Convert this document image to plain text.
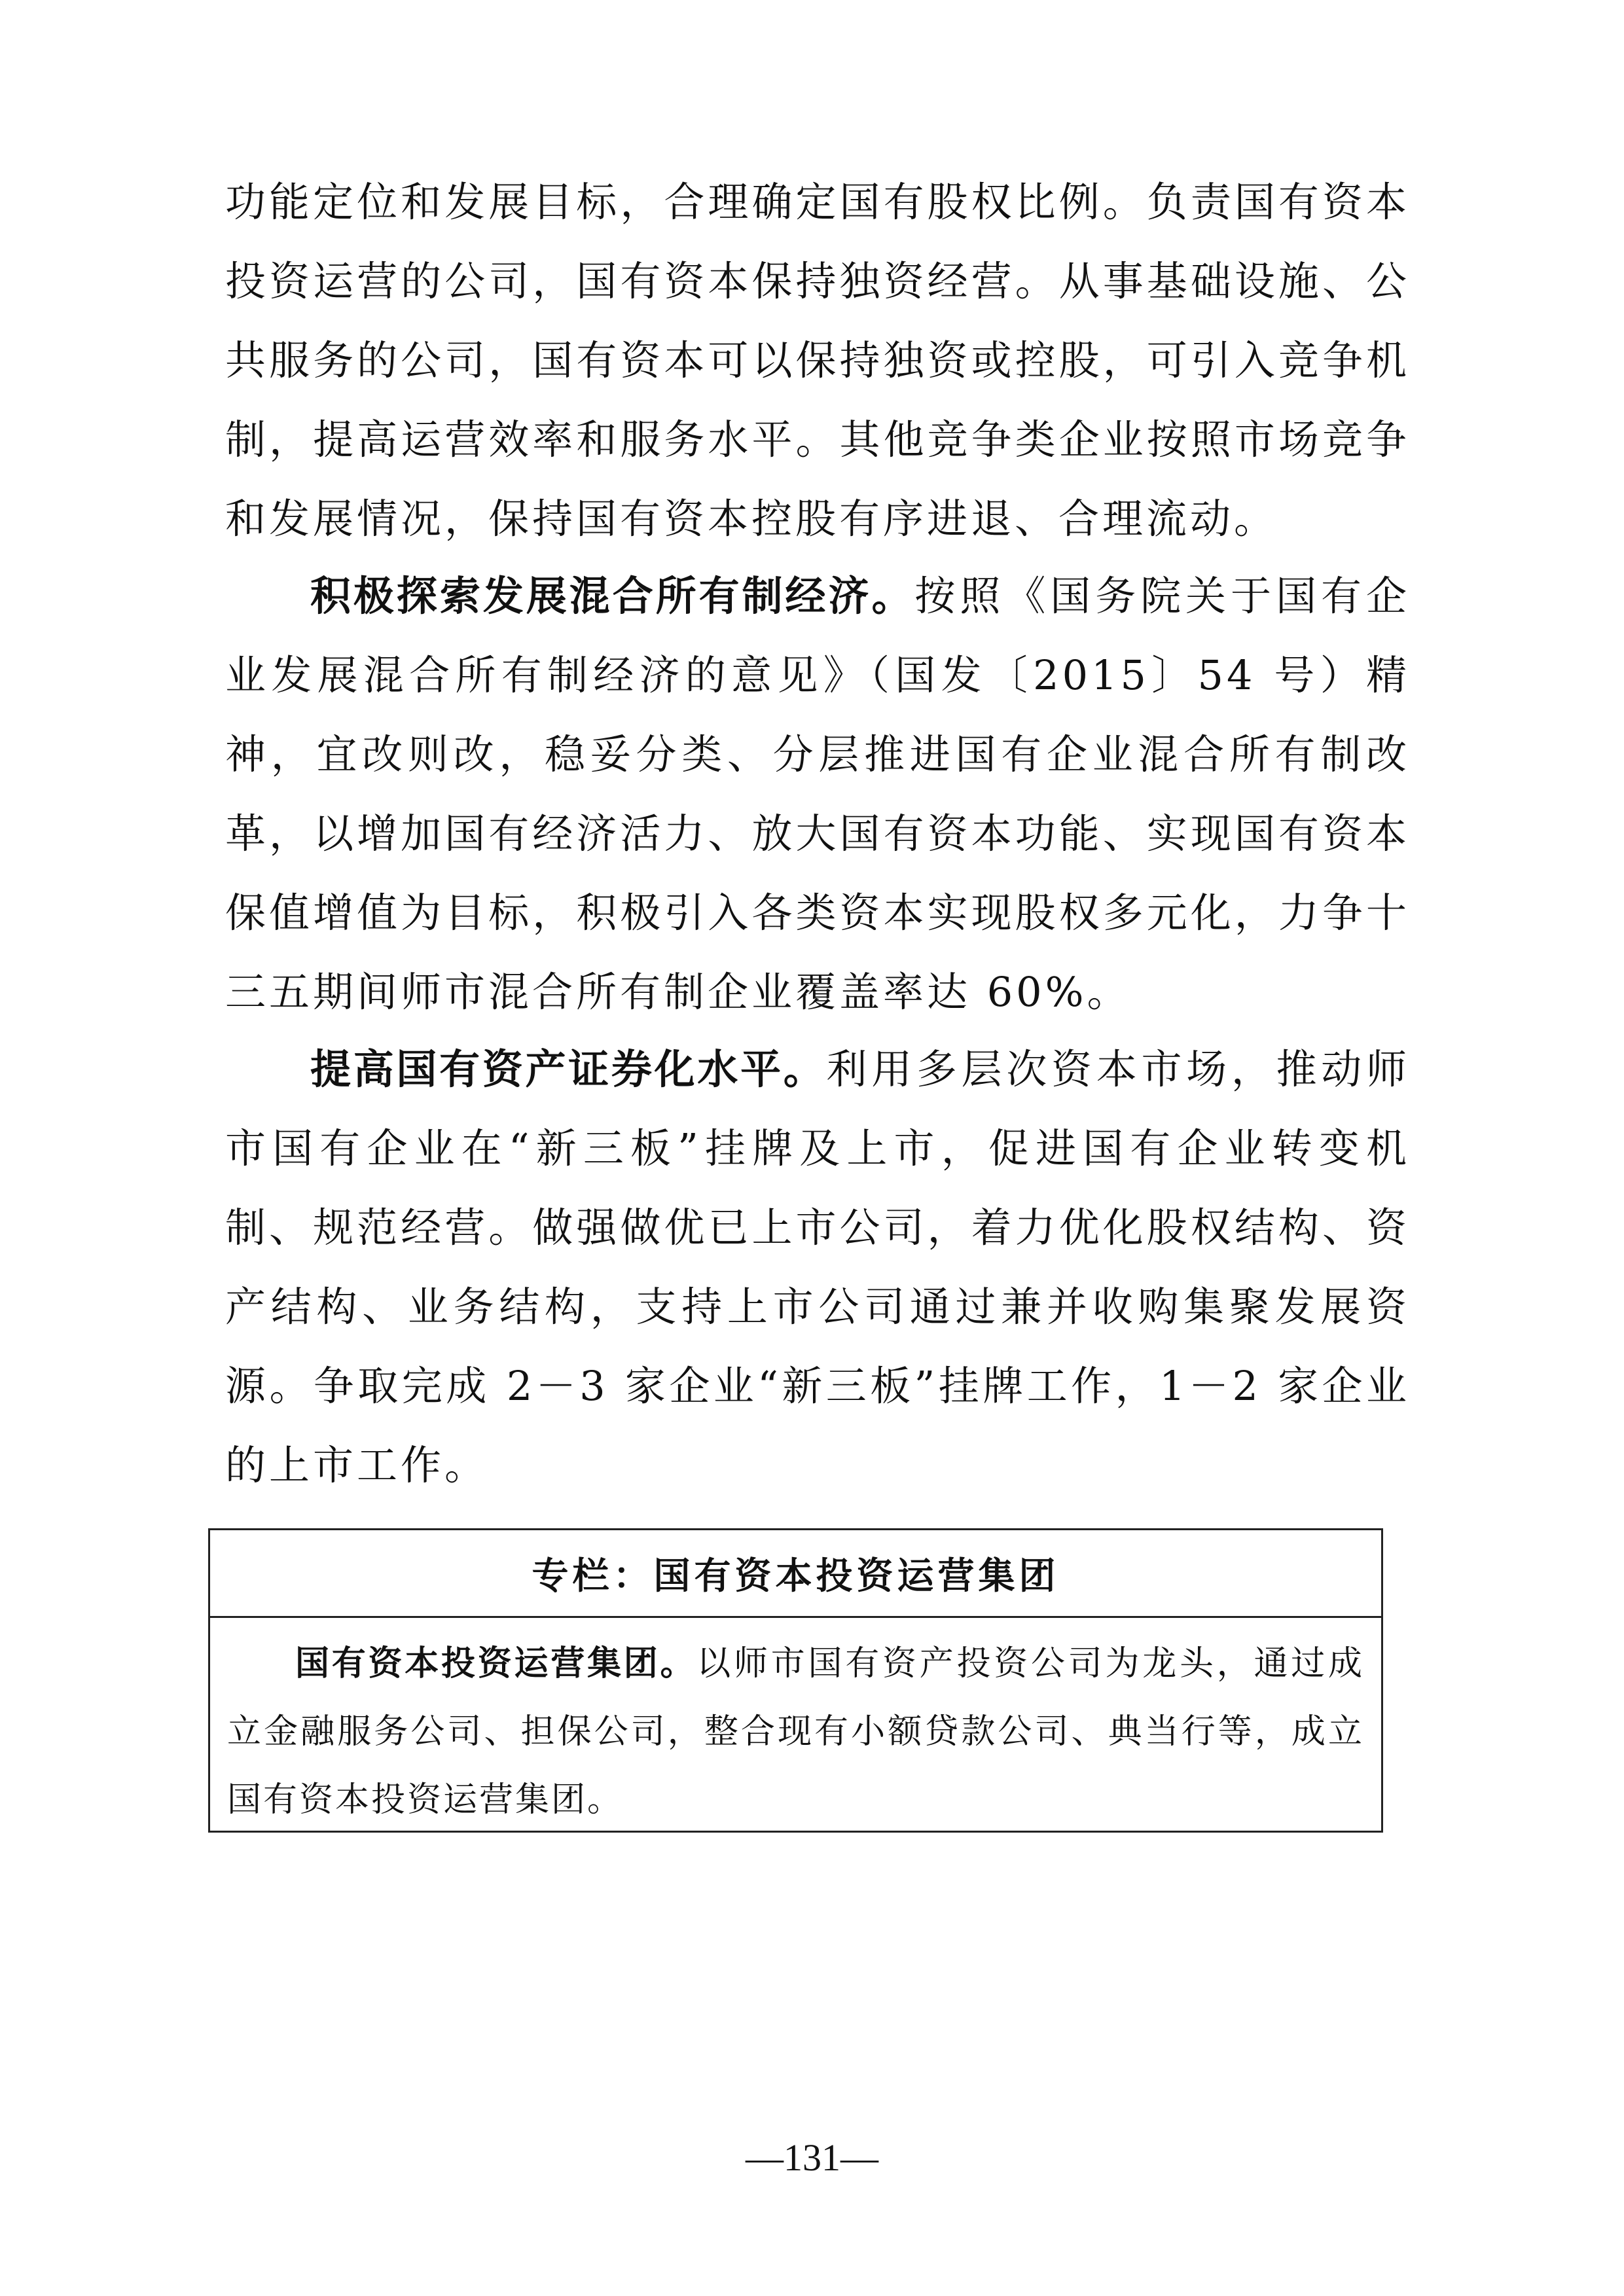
功能定位和发展目标，合理确定国有股权比例。负责国有资本投资运营的公司，国有资本保持独资经营。从事基础设施、公共服务的公司，国有资本可以保持独资或控股，可引入竞争机制，提高运营效率和服务水平。其他竞争类企业按照市场竞争和发展情况，保持国有资本控股有序进退、合理流动。

积极探索发展混合所有制经济。按照《国务院关于国有企业发展混合所有制经济的意见》（国发〔2015〕54 号）精神，宜改则改，稳妥分类、分层推进国有企业混合所有制改革，以增加国有经济活力、放大国有资本功能、实现国有资本保值增值为目标，积极引入各类资本实现股权多元化，力争十三五期间师市混合所有制企业覆盖率达 60%。

提高国有资产证券化水平。利用多层次资本市场，推动师市国有企业在“新三板”挂牌及上市，促进国有企业转变机制、规范经营。做强做优已上市公司，着力优化股权结构、资产结构、业务结构，支持上市公司通过兼并收购集聚发展资源。争取完成 2－3 家企业“新三板”挂牌工作，1－2 家企业的上市工作。

专栏：国有资本投资运营集团

国有资本投资运营集团。以师市国有资产投资公司为龙头，通过成立金融服务公司、担保公司，整合现有小额贷款公司、典当行等，成立国有资本投资运营集团。

—131—
